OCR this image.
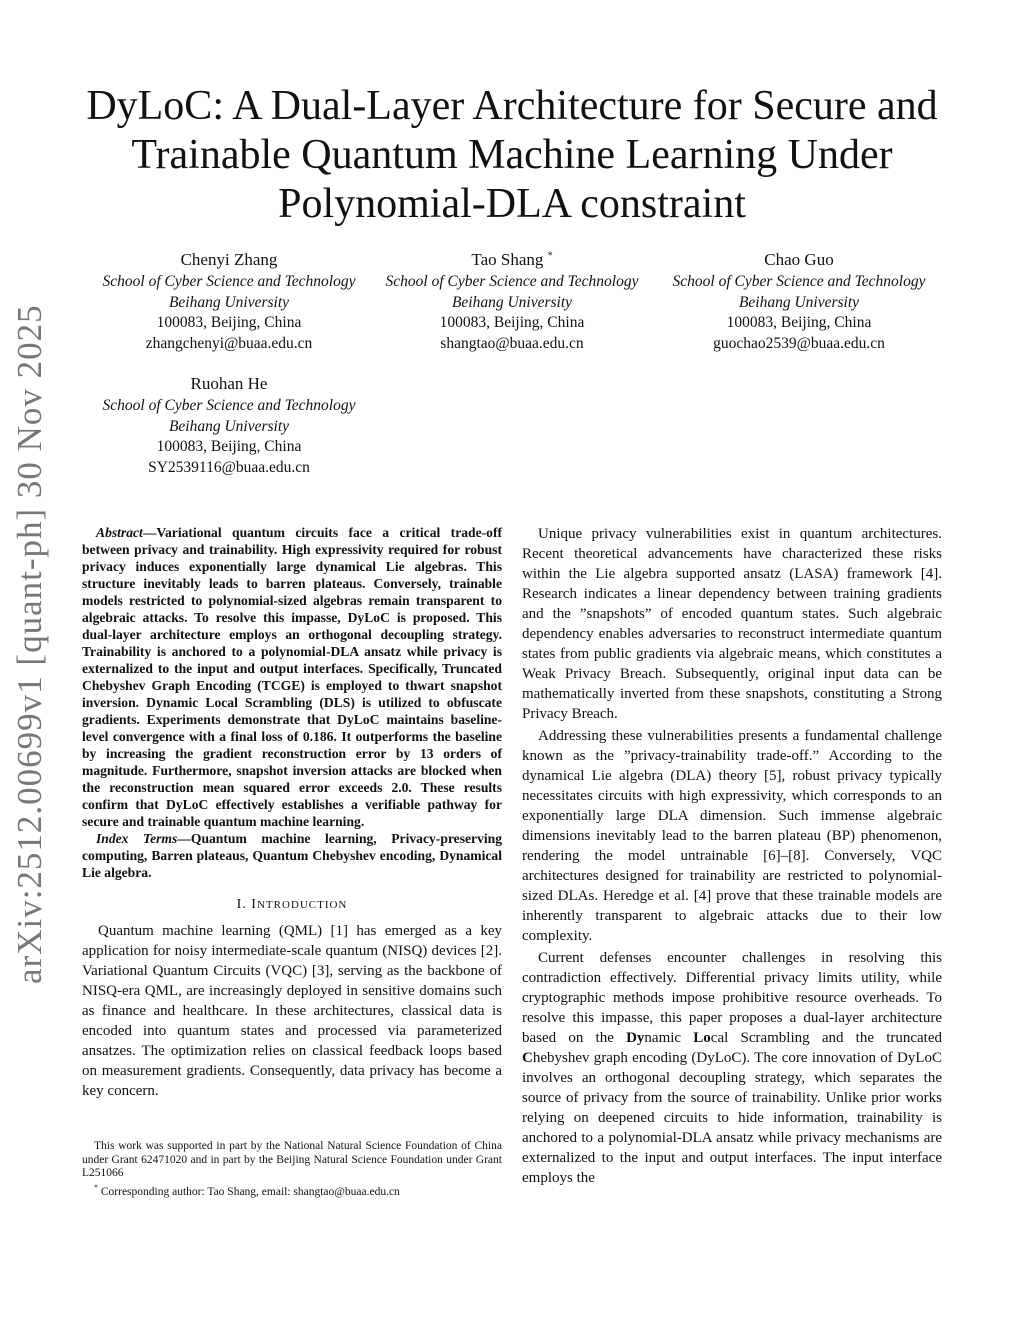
arXiv:2512.00699v1 [quant-ph] 30 Nov 2025
DyLoC: A Dual-Layer Architecture for Secure and Trainable Quantum Machine Learning Under Polynomial-DLA constraint
Chenyi Zhang
School of Cyber Science and Technology
Beihang University
100083, Beijing, China
zhangchenyi@buaa.edu.cn
Tao Shang *
School of Cyber Science and Technology
Beihang University
100083, Beijing, China
shangtao@buaa.edu.cn
Chao Guo
School of Cyber Science and Technology
Beihang University
100083, Beijing, China
guochao2539@buaa.edu.cn
Ruohan He
School of Cyber Science and Technology
Beihang University
100083, Beijing, China
SY2539116@buaa.edu.cn

Abstract—Variational quantum circuits face a critical trade-off between privacy and trainability. High expressivity required for robust privacy induces exponentially large dynamical Lie algebras. This structure inevitably leads to barren plateaus. Conversely, trainable models restricted to polynomial-sized algebras remain transparent to algebraic attacks. To resolve this impasse, DyLoC is proposed. This dual-layer architecture employs an orthogonal decoupling strategy. Trainability is anchored to a polynomial-DLA ansatz while privacy is externalized to the input and output interfaces. Specifically, Truncated Chebyshev Graph Encoding (TCGE) is employed to thwart snapshot inversion. Dynamic Local Scrambling (DLS) is utilized to obfuscate gradients. Experiments demonstrate that DyLoC maintains baseline-level convergence with a final loss of 0.186. It outperforms the baseline by increasing the gradient reconstruction error by 13 orders of magnitude. Furthermore, snapshot inversion attacks are blocked when the reconstruction mean squared error exceeds 2.0. These results confirm that DyLoC effectively establishes a verifiable pathway for secure and trainable quantum machine learning.

Index Terms—Quantum machine learning, Privacy-preserving computing, Barren plateaus, Quantum Chebyshev encoding, Dynamical Lie algebra.

I. INTRODUCTION

Quantum machine learning (QML) [1] has emerged as a key application for noisy intermediate-scale quantum (NISQ) devices [2]. Variational Quantum Circuits (VQC) [3], serving as the backbone of NISQ-era QML, are increasingly deployed in sensitive domains such as finance and healthcare. In these architectures, classical data is encoded into quantum states and processed via parameterized ansatzes. The optimization relies on classical feedback loops based on measurement gradients. Consequently, data privacy has become a key concern.

This work was supported in part by the National Natural Science Foundation of China under Grant 62471020 and in part by the Beijing Natural Science Foundation under Grant L251066

* Corresponding author: Tao Shang, email: shangtao@buaa.edu.cn

Unique privacy vulnerabilities exist in quantum architectures. Recent theoretical advancements have characterized these risks within the Lie algebra supported ansatz (LASA) framework [4]. Research indicates a linear dependency between training gradients and the ”snapshots” of encoded quantum states. Such algebraic dependency enables adversaries to reconstruct intermediate quantum states from public gradients via algebraic means, which constitutes a Weak Privacy Breach. Subsequently, original input data can be mathematically inverted from these snapshots, constituting a Strong Privacy Breach.

Addressing these vulnerabilities presents a fundamental challenge known as the ”privacy-trainability trade-off.” According to the dynamical Lie algebra (DLA) theory [5], robust privacy typically necessitates circuits with high expressivity, which corresponds to an exponentially large DLA dimension. Such immense algebraic dimensions inevitably lead to the barren plateau (BP) phenomenon, rendering the model untrainable [6]–[8]. Conversely, VQC architectures designed for trainability are restricted to polynomial-sized DLAs. Heredge et al. [4] prove that these trainable models are inherently transparent to algebraic attacks due to their low complexity.

Current defenses encounter challenges in resolving this contradiction effectively. Differential privacy limits utility, while cryptographic methods impose prohibitive resource overheads. To resolve this impasse, this paper proposes a dual-layer architecture based on the Dynamic Local Scrambling and the truncated Chebyshev graph encoding (DyLoC). The core innovation of DyLoC involves an orthogonal decoupling strategy, which separates the source of privacy from the source of trainability. Unlike prior works relying on deepened circuits to hide information, trainability is anchored to a polynomial-DLA ansatz while privacy mechanisms are externalized to the input and output interfaces. The input interface employs the
